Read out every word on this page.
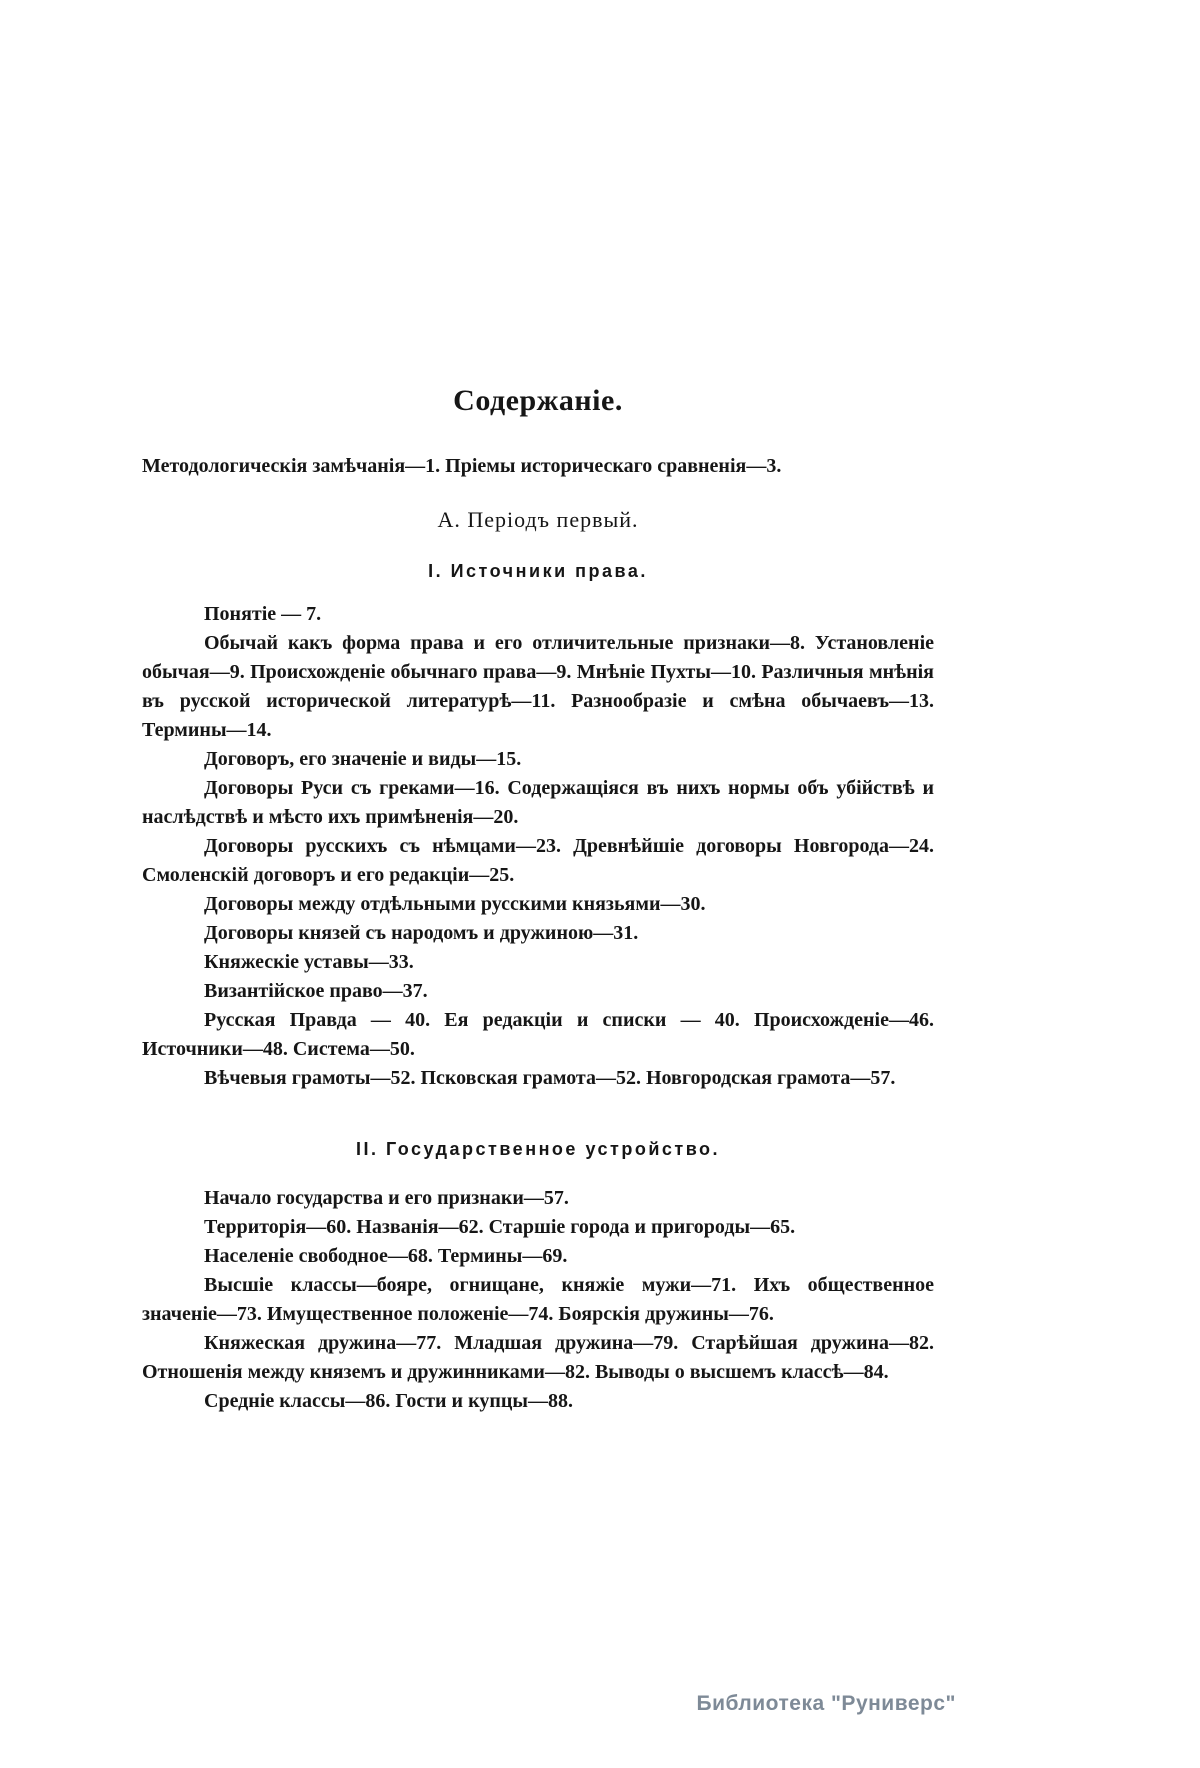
Содержаніе.

Методологическія замѣчанія—1. Пріемы историческаго сравненія—3.

А. Періодъ первый.
I. Источники права.

Понятіе — 7.

Обычай какъ форма права и его отличительные признаки—8. Установленіе обычая—9. Происхожденіе обычнаго права—9. Мнѣніе Пухты—10. Различныя мнѣнія въ русской исторической литературѣ—11. Разнообразіе и смѣна обычаевъ—13. Термины—14.

Договоръ, его значеніе и виды—15.

Договоры Руси съ греками—16. Содержащіяся въ нихъ нормы объ убійствѣ и наслѣдствѣ и мѣсто ихъ примѣненія—20.

Договоры русскихъ съ нѣмцами—23. Древнѣйшіе договоры Новгорода—24. Смоленскій договоръ и его редакціи—25.

Договоры между отдѣльными русскими князьями—30.

Договоры князей съ народомъ и дружиною—31.

Княжескіе уставы—33.

Византійское право—37.

Русская Правда — 40. Ея редакціи и списки — 40. Происхожденіе—46. Источники—48. Система—50.

Вѣчевыя грамоты—52. Псковская грамота—52. Новгородская грамота—57.

II. Государственное устройство.

Начало государства и его признаки—57.

Территорія—60. Названія—62. Старшіе города и пригороды—65.

Населеніе свободное—68. Термины—69.

Высшіе классы—бояре, огнищане, княжіе мужи—71. Ихъ общественное значеніе—73. Имущественное положеніе—74. Боярскія дружины—76.

Княжеская дружина—77. Младшая дружина—79. Старѣйшая дружина—82. Отношенія между княземъ и дружинниками—82. Выводы о высшемъ классѣ—84.

Средніе классы—86. Гости и купцы—88.

Библиотека "Руниверс"
